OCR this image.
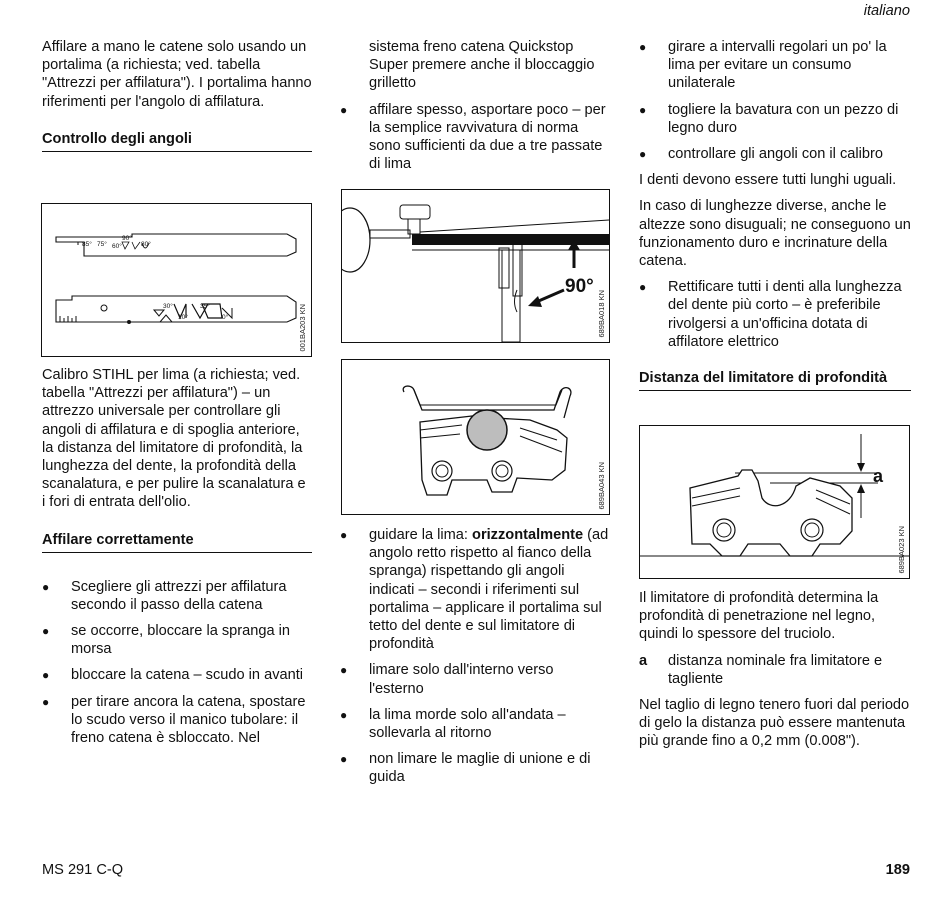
italiano

Affilare a mano le catene solo usando un portalima (a richiesta; ved. tabella "Attrezzi per affilatura"). I portalima hanno riferimenti per l'angolo di affilatura.

Controllo degli angoli
85° 75° 60°
90°
80°
30°
10°
35°
0°	001BA203 KN

Calibro STIHL per lima (a richiesta; ved. tabella "Attrezzi per affilatura") – un attrezzo universale per controllare gli angoli di affilatura e di spoglia anteriore, la distanza del limitatore di profondità, la lunghezza del dente, la profondità della scanalatura, e per pulire la scanalatura e i fori di entrata dell'olio.

Affilare correttamente

● Scegliere gli attrezzi per affilatura secondo il passo della catena

● se occorre, bloccare la spranga in morsa

● bloccare la catena – scudo in avanti

● per tirare ancora la catena, spostare lo scudo verso il manico tubolare: il freno catena è sbloccato. Nel

sistema freno catena Quickstop Super premere anche il bloccaggio grilletto

● affilare spesso, asportare poco – per la semplice ravvivatura di norma sono sufficienti da due a tre passate di lima

90°
689BA018 KN
689BA043 KN

● guidare la lima: orizzontalmente (ad angolo retto rispetto al fianco della spranga) rispettando gli angoli indicati – secondi i riferimenti sul portalima – applicare il portalima sul tetto del dente e sul limitatore di profondità

● limare solo dall'interno verso l'esterno

● la lima morde solo all'andata – sollevarla al ritorno

● non limare le maglie di unione e di guida

● girare a intervalli regolari un po' la lima per evitare un consumo unilaterale

● togliere la bavatura con un pezzo di legno duro

● controllare gli angoli con il calibro

I denti devono essere tutti lunghi uguali.

In caso di lunghezze diverse, anche le altezze sono disuguali; ne conseguono un funzionamento duro e incrinature della catena.

● Rettificare tutti i denti alla lunghezza del dente più corto – è preferibile rivolgersi a un'officina dotata di affilatore elettrico

Distanza del limitatore di profondità
a
689BA023 KN

Il limitatore di profondità determina la profondità di penetrazione nel legno, quindi lo spessore del truciolo.

a distanza nominale fra limitatore e tagliente

Nel taglio di legno tenero fuori dal periodo di gelo la distanza può essere mantenuta più grande fino a 0,2 mm (0.008").

MS 291 C-Q	189
